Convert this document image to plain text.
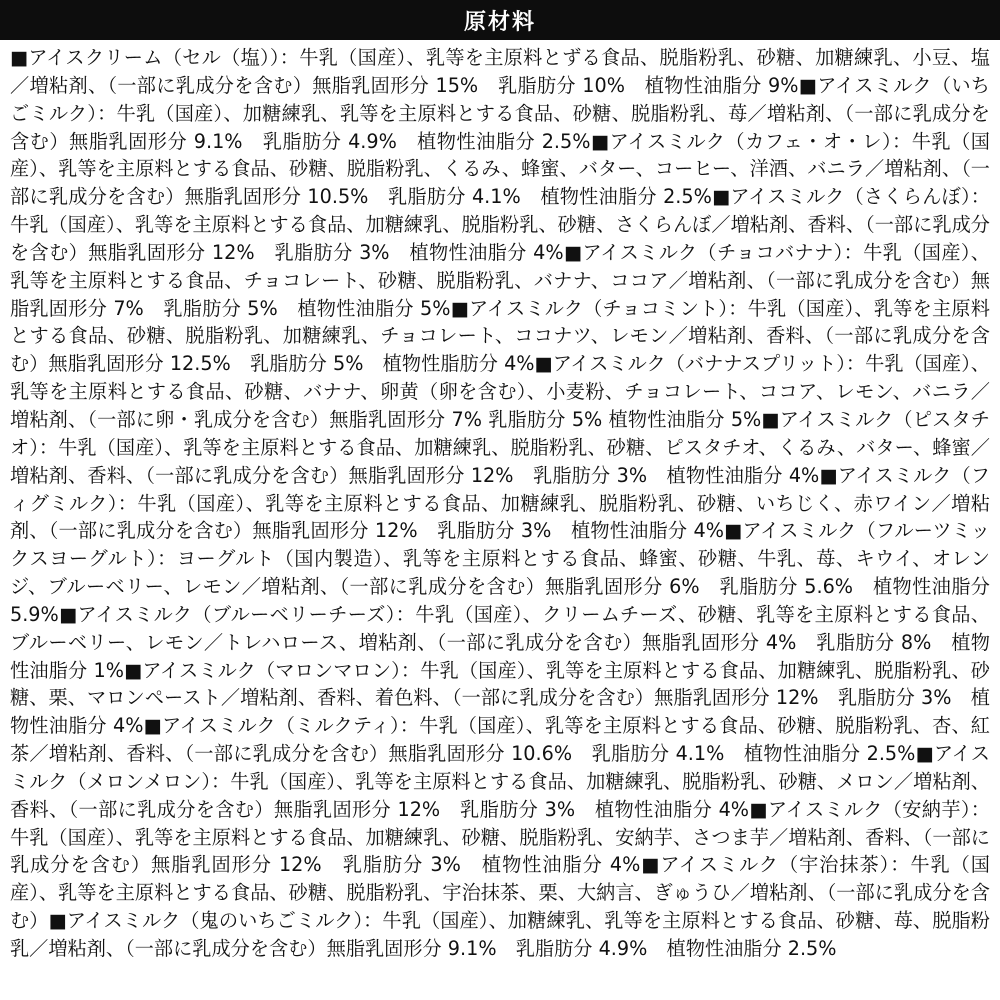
原材料
■アイスクリーム（セル（塩））：牛乳（国産）、乳等を主原料とずる食品、脱脂粉乳、砂糖、加糖練乳、小豆、塩／増粘剤、（一部に乳成分を含む）無脂乳固形分 15%　乳脂肪分 10%　植物性油脂分 9%■アイスミルク（いちごミルク）：牛乳（国産）、加糖練乳、乳等を主原料とする食品、砂糖、脱脂粉乳、苺／増粘剤、（一部に乳成分を含む）無脂乳固形分 9.1%　乳脂肪分 4.9%　植物性油脂分 2.5%■アイスミルク（カフェ・オ・レ）：牛乳（国産）、乳等を主原料とする食品、砂糖、脱脂粉乳、くるみ、蜂蜜、バター、コーヒー、洋酒、バニラ／増粘剤、（一部に乳成分を含む）無脂乳固形分 10.5%　乳脂肪分 4.1%　植物性油脂分 2.5%■アイスミルク（さくらんぼ）：牛乳（国産）、乳等を主原料とする食品、加糖練乳、脱脂粉乳、砂糖、さくらんぼ／増粘剤、香料、（一部に乳成分を含む）無脂乳固形分 12%　乳脂肪分 3%　植物性油脂分 4%■アイスミルク（チョコバナナ）：牛乳（国産）、乳等を主原料とする食品、チョコレート、砂糖、脱脂粉乳、バナナ、ココア／増粘剤、（一部に乳成分を含む）無脂乳固形分 7%　乳脂肪分 5%　植物性油脂分 5%■アイスミルク（チョコミント）：牛乳（国産）、乳等を主原料とする食品、砂糖、脱脂粉乳、加糖練乳、チョコレート、ココナツ、レモン／増粘剤、香料、（一部に乳成分を含む）無脂乳固形分 12.5%　乳脂肪分 5%　植物性脂肪分 4%■アイスミルク（バナナスプリット）：牛乳（国産）、乳等を主原料とする食品、砂糖、バナナ、卵黄（卵を含む）、小麦粉、チョコレート、ココア、レモン、バニラ／増粘剤、（一部に卵・乳成分を含む）無脂乳固形分 7% 乳脂肪分 5% 植物性油脂分 5%■アイスミルク（ピスタチオ）：牛乳（国産）、乳等を主原料とする食品、加糖練乳、脱脂粉乳、砂糖、ピスタチオ、くるみ、バター、蜂蜜／増粘剤、香料、（一部に乳成分を含む）無脂乳固形分 12%　乳脂肪分 3%　植物性油脂分 4%■アイスミルク（フィグミルク）：牛乳（国産）、乳等を主原料とする食品、加糖練乳、脱脂粉乳、砂糖、いちじく、赤ワイン／増粘剤、（一部に乳成分を含む）無脂乳固形分 12%　乳脂肪分 3%　植物性油脂分 4%■アイスミルク（フルーツミックスヨーグルト）：ヨーグルト（国内製造）、乳等を主原料とする食品、蜂蜜、砂糖、牛乳、苺、キウイ、オレンジ、ブルーベリー、レモン／増粘剤、（一部に乳成分を含む）無脂乳固形分 6%　乳脂肪分 5.6%　植物性油脂分 5.9%■アイスミルク（ブルーベリーチーズ）：牛乳（国産）、クリームチーズ、砂糖、乳等を主原料とする食品、ブルーベリー、レモン／トレハロース、増粘剤、（一部に乳成分を含む）無脂乳固形分 4%　乳脂肪分 8%　植物性油脂分 1%■アイスミルク（マロンマロン）：牛乳（国産）、乳等を主原料とする食品、加糖練乳、脱脂粉乳、砂糖、栗、マロンペースト／増粘剤、香料、着色料、（一部に乳成分を含む）無脂乳固形分 12%　乳脂肪分 3%　植物性油脂分 4%■アイスミルク（ミルクティ）：牛乳（国産）、乳等を主原料とする食品、砂糖、脱脂粉乳、杏、紅茶／増粘剤、香料、（一部に乳成分を含む）無脂乳固形分 10.6%　乳脂肪分 4.1%　植物性油脂分 2.5%■アイスミルク（メロンメロン）：牛乳（国産）、乳等を主原料とする食品、加糖練乳、脱脂粉乳、砂糖、メロン／増粘剤、香料、（一部に乳成分を含む）無脂乳固形分 12%　乳脂肪分 3%　植物性油脂分 4%■アイスミルク（安納芋）：牛乳（国産）、乳等を主原料とする食品、加糖練乳、砂糖、脱脂粉乳、安納芋、さつま芋／増粘剤、香料、（一部に乳成分を含む）無脂乳固形分 12%　乳脂肪分 3%　植物性油脂分 4%■アイスミルク（宇治抹茶）：牛乳（国産）、乳等を主原料とする食品、砂糖、脱脂粉乳、宇治抹茶、栗、大納言、ぎゅうひ／増粘剤、（一部に乳成分を含む）■アイスミルク（鬼のいちごミルク）：牛乳（国産）、加糖練乳、乳等を主原料とする食品、砂糖、苺、脱脂粉乳／増粘剤、（一部に乳成分を含む）無脂乳固形分 9.1%　乳脂肪分 4.9%　植物性油脂分 2.5%
